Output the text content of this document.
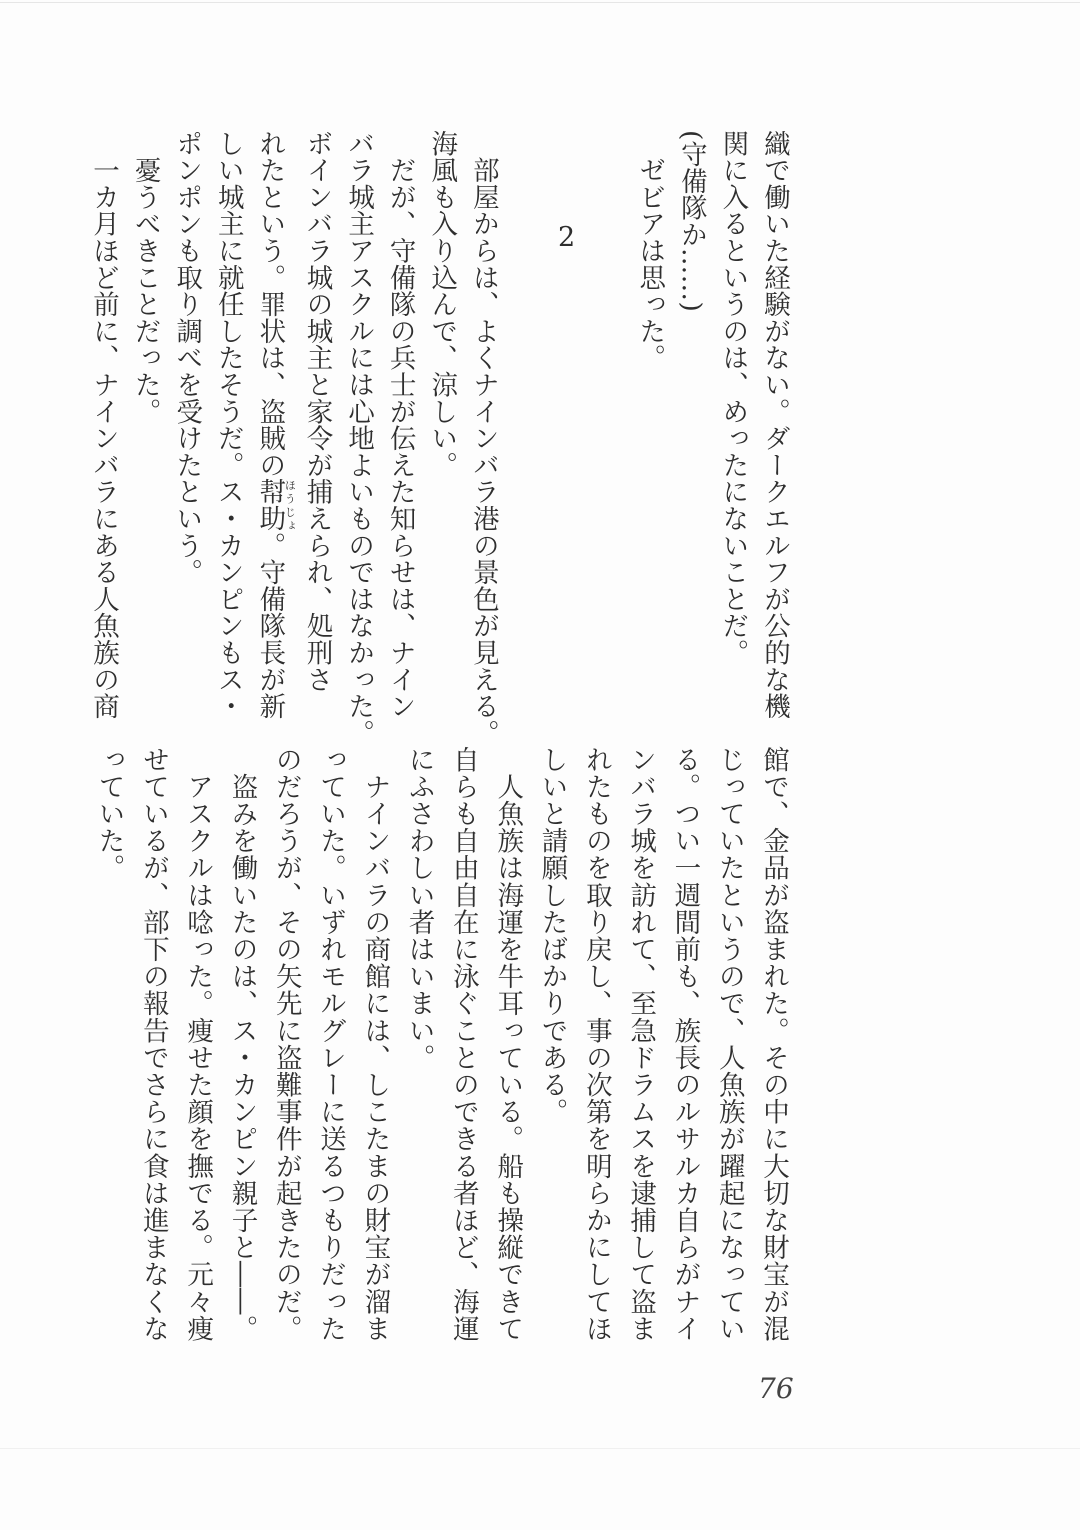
織で働いた経験がない。ダークエルフが公的な機
関に入るというのは、めったにないことだ。
(守備隊か……)
　ゼビアは思った。

2

　部屋からは、よくナインバラ港の景色が見える。
海風も入り込んで、涼しい。
　だが、守備隊の兵士が伝えた知らせは、ナイン
バラ城主アスクルには心地よいものではなかった。
ボインバラ城の城主と家令が捕えられ、処刑さ
れたという。罪状は、盗賊の幇助ほうじょ。守備隊長が新
しい城主に就任したそうだ。ス・カンピンもス・
ポンポンも取り調べを受けたという。
　憂うべきことだった。
　一カ月ほど前に、ナインバラにある人魚族の商
館で、金品が盗まれた。その中に大切な財宝が混
じっていたというので、人魚族が躍起になってい
る。つい一週間前も、族長のルサルカ自らがナイ
ンバラ城を訪れて、至急ドラムスを逮捕して盗ま
れたものを取り戻し、事の次第を明らかにしてほ
しいと請願したばかりである。
　人魚族は海運を牛耳っている。船も操縦できて
自らも自由自在に泳ぐことのできる者ほど、海運
にふさわしい者はいまい。
　ナインバラの商館には、しこたまの財宝が溜ま
っていた。いずれモルグレーに送るつもりだった
のだろうが、その矢先に盗難事件が起きたのだ。
　盗みを働いたのは、ス・カンピン親子と――。
　アスクルは唸った。痩せた顔を撫でる。元々痩
せているが、部下の報告でさらに食は進まなくな
っていた。
76
